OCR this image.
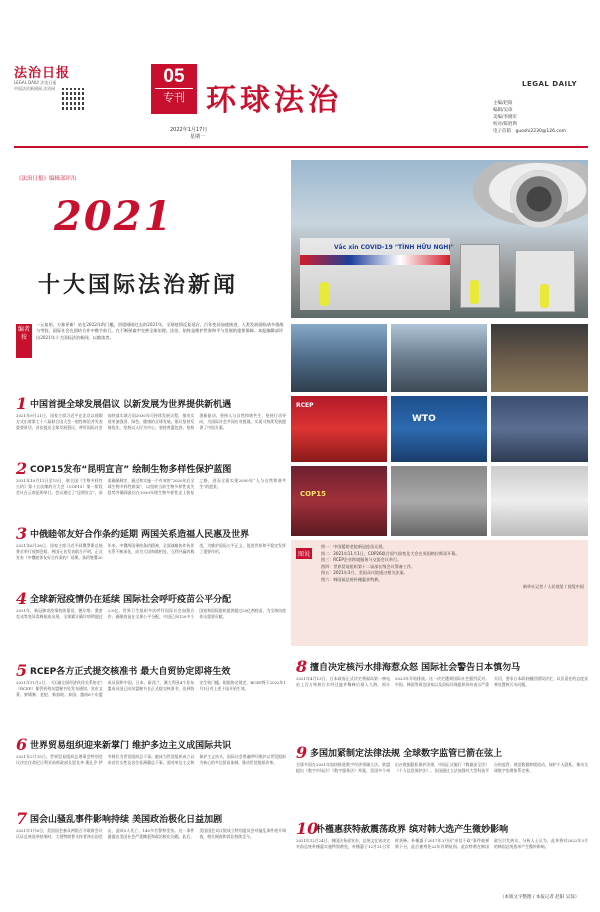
法治日报
LEGAL DAILY 法治日报 中国法治新闻网 法治网
05
专刊 环球法治
2022年1月17日
星期一
LEGAL DAILY
主编/赵阳
编辑/吴琼
美编/李晓军
校对/陈胜利
电子信箱：guoshi2230@126.com
《法治日报》编辑部评出
2021
十大国际法治新闻
编者按
一元复始，万象更新！站在2022年的门槛，回望刚刚过去的2021年，全球疫情反复延宕，百年变局加速演进，人类发展面临诸多挑战与考验。国际社会在团结合作中携手前行，在不断探索中完善全球治理。法治，始终是维护世界和平与发展的重要保障。本报编辑部评出2021年十大国际法治新闻，以飨读者。
Vắc xin COVID-19 "TÌNH HỮU NGHỊ"
RCEP
WTO
COP15
图一：中国援助老挝新冠疫苗运抵。
图二：2021年11月1日，COP26联合国气候变化大会在英国格拉斯哥开幕。
图三：RCEP企业跨境服务与交流会议举行。
图四：世界贸易组织第十二届部长级会议筹备工作。
图五：2021年3月，美国众议院通过相关法案。
图六：韩国前总统朴槿惠获特赦。
新华社记者 / 人民视觉 / 视觉中国
图说
1 中国首提全球发展倡议 以新发展为世界提供新机遇
2021年9月21日，国家主席习近平在北京以视频方式出席第七十六届联合国大会一般性辩论并发表重要讲话，首次提出全球发展倡议，呼吁国际社会加快落实联合国2030年可持续发展议程，推动实现更加强劲、绿色、健康的全球发展。倡议坚持发展优先、坚持以人民为中心、坚持普惠包容、坚持创新驱动、坚持人与自然和谐共生、坚持行动导向，为国际社会共同应对挑战、实现可持续发展提供了中国方案。
2 COP15发布“昆明宣言” 绘制生物多样性保护蓝图
2021年10月11日至15日，联合国《生物多样性公约》第十五次缔约方大会（COP15）第一阶段会议在云南昆明举行。会议通过了“昆明宣言”，承诺确保制定、通过和实施一个有效的“2020年后全球生物多样性框架”，以扭转当前生物多样性丧失趋势并确保最迟在2030年使生物多样性走上恢复之路，进而全面实现2050年“人与自然和谐共生”的愿景。
3 中俄睦邻友好合作条约延期 两国关系造福人民惠及世界
2021年6月28日，国家主席习近平同俄罗斯总统普京举行视频会晤，两国元首发表联合声明，正式宣布《中俄睦邻友好合作条约》延期。条约签署20年来，中俄两国秉持条约精神，全面战略协作伙伴关系不断深化，成为大国和睦相处、互利共赢的典范，为维护国际公平正义、促进世界和平稳定发挥了重要作用。
4 全球新冠疫情仍在延续 国际社会呼吁疫苗公平分配
2021年，新冠肺炎疫情持续蔓延，德尔塔、奥密克戎等变异毒株接连出现，全球累计确诊病例超过2.8亿。世界卫生组织多次呼吁国际社会加强合作，确保疫苗在全球公平分配。中国已向120多个国家和国际组织提供超过20亿剂疫苗，为全球抗疫作出重要贡献。
5 RCEP各方正式提交核准书 最大自贸协定即将生效
2021年11月2日，《区域全面经济伙伴关系协定》（RCEP）保管机构东盟秘书处发布通知，宣布文莱、柬埔寨、老挝、新加坡、泰国、越南6个东盟成员国和中国、日本、新西兰、澳大利亚4个非东盟成员国已向东盟秘书长正式提交核准书，达到协定生效门槛。根据协定规定，RCEP将于2022年1月1日对上述十国开始生效。
6 世界贸易组织迎来新掌门 维护多边主义成国际共识
2021年2月15日，世界贸易组织总理事会特别会议决定任命尼日利亚前财政部长恩戈齐·奥孔乔-伊韦阿拉为世贸组织总干事。她成为世贸组织成立以来首位女性及首位非洲籍总干事。面对单边主义和保护主义抬头，国际社会普遍呼吁维护以世贸组织为核心的多边贸易体制，推动世贸组织改革。
7 国会山骚乱事件影响持续 美国政治极化日益加剧
2021年1月6日，美国国会参众两院召开联席会议认证总统选举结果时，大批特朗普支持者冲击国会山，造成5人死亡、140多名警察受伤。这一事件暴露出美国社会严重撕裂和政治极化问题。此后，美国国会众议院成立特别委员会对骚乱事件展开调查，相关调查和诉讼持续至今。
8 擅自决定核污水排海惹众怒 国际社会警告日本慎勿马
2021年4月13日，日本政府正式决定将福岛第一核电站上百万吨核污水经过滤并稀释后排入大海，预计2023年开始排放。这一决定遭到国际社会强烈反对。中国、韩国等周边国家以及国际环保组织纷纷表示严重关切，要求日本政府撤回错误决定，以负责任的态度妥善处置核污水问题。
9 多国加紧制定法律法规 全球数字监管已箭在弦上
全球多国在2021年加快推进数字经济领域立法。欧盟提出《数字市场法》《数字服务法》草案，美国多个州出台数据隐私保护法律，中国正式施行《数据安全法》《个人信息保护法》。各国通过立法加强对大型科技平台的监管，规范数据跨境流动，保护个人隐私，推动全球数字治理体系完善。
10
朴槿惠获特赦震荡政界 缤对韩大选产生微妙影响
2021年12月24日，韩国法务部宣布，总统文在寅决定对前总统朴槿惠实施特别赦免，朴槿惠于12月31日零时获释。朴槿惠于2017年3月因“亲信干政”事件被弹劾下台，此后被判处22年有期徒刑。此次特赦在韩国政坛引发热议，分析人士认为，此举将对2022年3月的韩国总统选举产生微妙影响。
（本版文字整理 / 本报记者 赵阳 吴琼）
